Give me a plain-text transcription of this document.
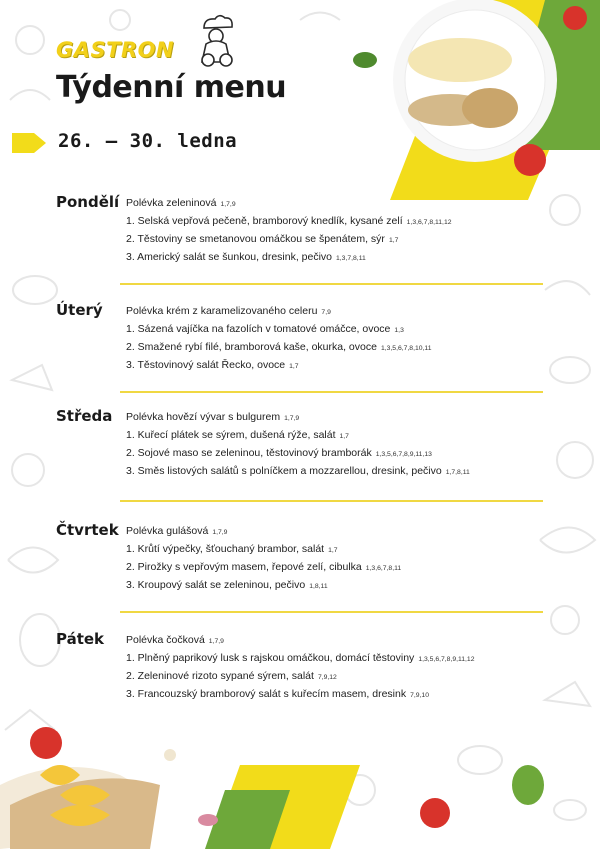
GASTRON
Týdenní menu
26. – 30. ledna
Pondělí Polévka zeleninová 1,7,9
1. Selská vepřová pečeně, bramborový knedlík, kysané zelí 1,3,6,7,8,11,12
2. Těstoviny se smetanovou omáčkou se špenátem, sýr 1,7
3. Americký salát se šunkou, dresink, pečivo 1,3,7,8,11
Úterý	Polévka krém z karamelizovaného celeru 7,9
1. Sázená vajíčka na fazolích v tomatové omáčce, ovoce 1,3
2. Smažené rybí filé, bramborová kaše, okurka, ovoce 1,3,5,6,7,8,10,11
3. Těstovinový salát Řecko, ovoce 1,7
Středa	Polévka hovězí vývar s bulgurem 1,7,9
1. Kuřecí plátek se sýrem, dušená rýže, salát 1,7
2. Sojové maso se zeleninou, těstovinový bramborák 1,3,5,6,7,8,9,11,13
3. Směs listových salátů s polníčkem a mozzarellou, dresink, pečivo 1,7,8,11
Čtvrtek Polévka gulášová 1,7,9
1. Krůtí výpečky, šťouchaný brambor, salát 1,7
2. Pirožky s vepřovým masem, řepové zelí, cibulka 1,3,6,7,8,11
3. Kroupový salát se zeleninou, pečivo 1,8,11
Pátek	Polévka čočková 1,7,9
1. Plněný paprikový lusk s rajskou omáčkou, domácí těstoviny 1,3,5,6,7,8,9,11,12
2. Zeleninové rizoto sypané sýrem, salát 7,9,12
3. Francouzský bramborový salát s kuřecím masem, dresink 7,9,10
